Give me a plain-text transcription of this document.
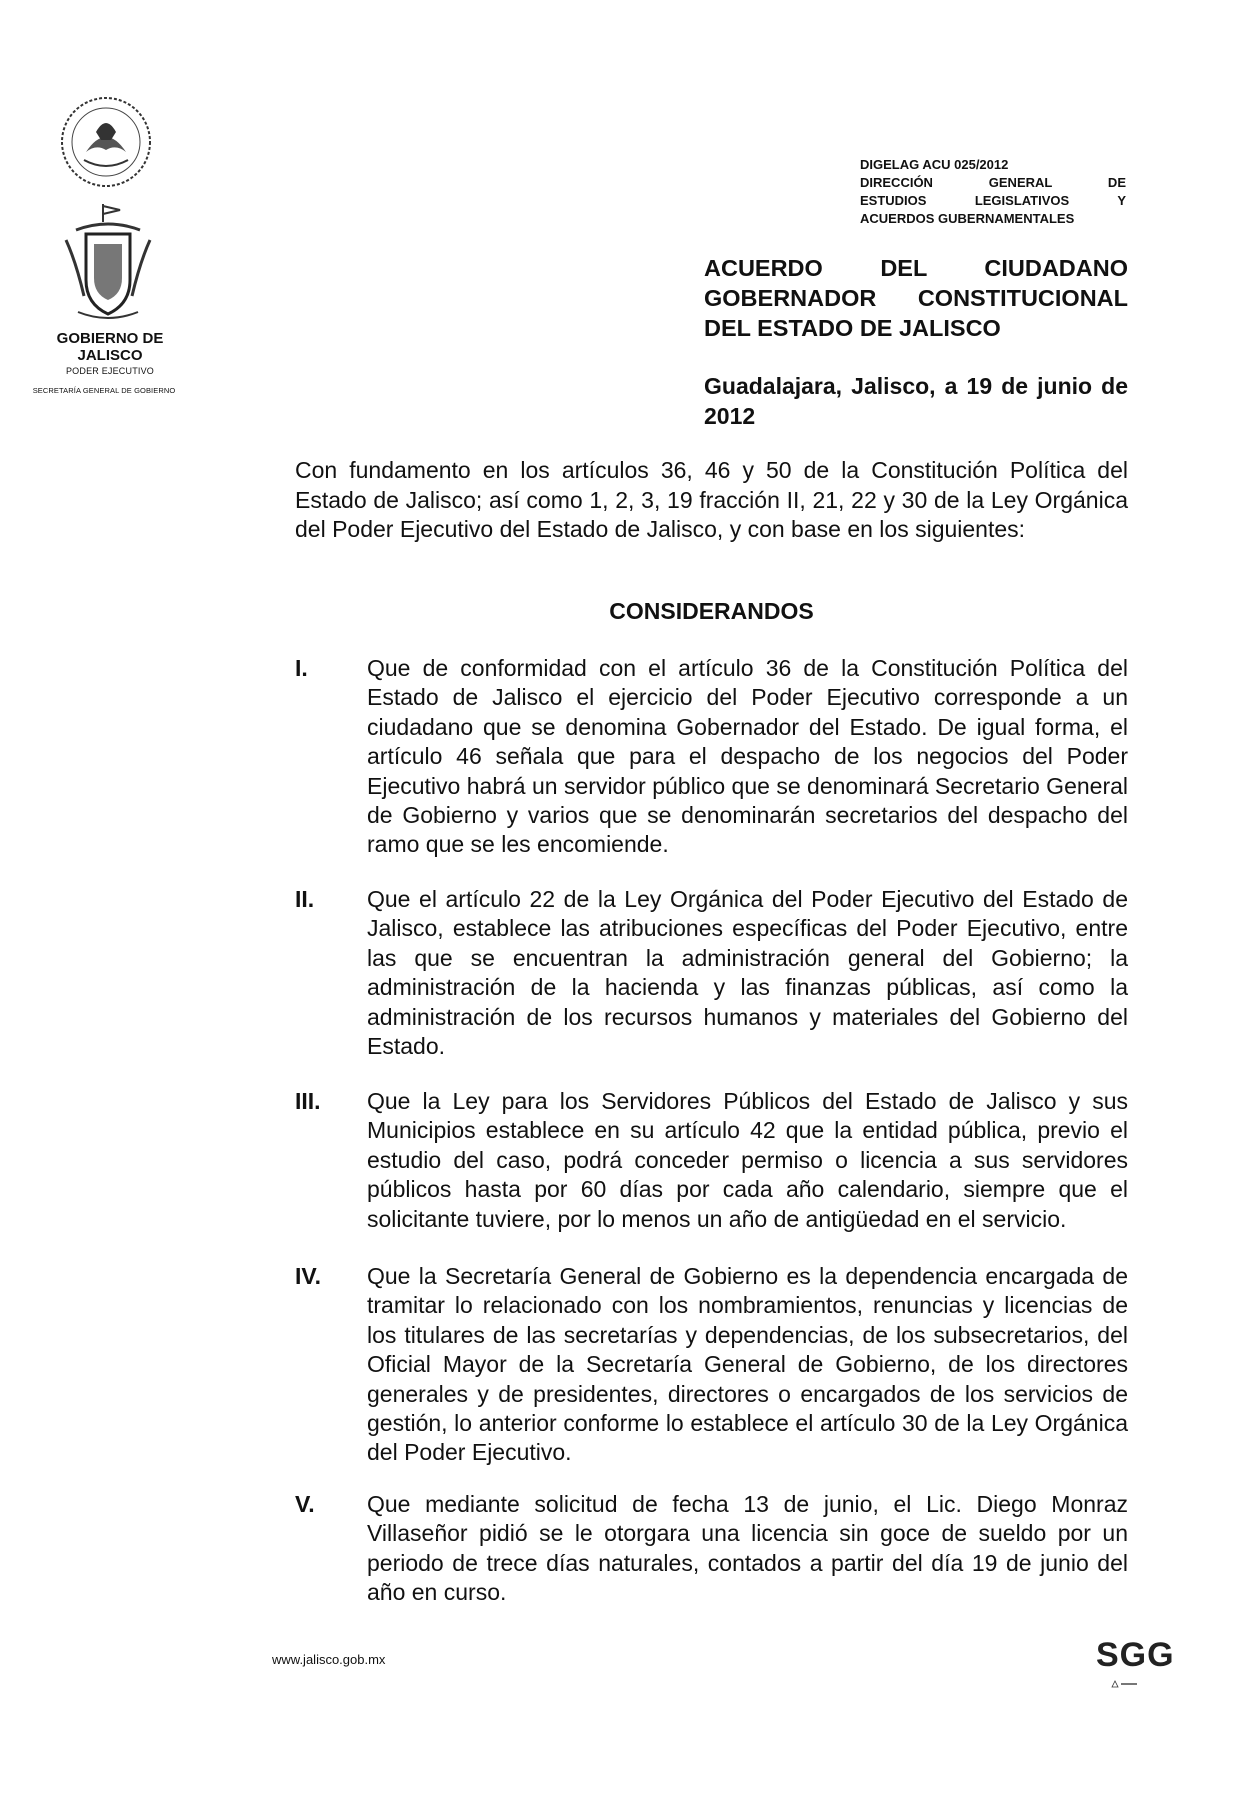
GOBIERNO DE JALISCO
PODER EJECUTIVO
SECRETARÍA GENERAL DE GOBIERNO
DIGELAG ACU 025/2012
DIRECCIÓN GENERAL DE
ESTUDIOS LEGISLATIVOS Y
ACUERDOS GUBERNAMENTALES
ACUERDO DEL CIUDADANO
GOBERNADOR CONSTITUCIONAL
DEL ESTADO DE JALISCO
Guadalajara, Jalisco, a 19 de junio de
2012
Con fundamento en los artículos 36, 46 y 50 de la Constitución Política del Estado de Jalisco; así como 1, 2, 3, 19 fracción II, 21, 22 y 30 de la Ley Orgánica del Poder Ejecutivo del Estado de Jalisco, y con base en los siguientes:
CONSIDERANDOS
I.	Que de conformidad con el artículo 36 de la Constitución Política del Estado de Jalisco el ejercicio del Poder Ejecutivo corresponde a un ciudadano que se denomina Gobernador del Estado. De igual forma, el artículo 46 señala que para el despacho de los negocios del Poder Ejecutivo habrá un servidor público que se denominará Secretario General de Gobierno y varios que se denominarán secretarios del despacho del ramo que se les encomiende.
II. Que el artículo 22 de la Ley Orgánica del Poder Ejecutivo del Estado de Jalisco, establece las atribuciones específicas del Poder Ejecutivo, entre las que se encuentran la administración general del Gobierno; la administración de la hacienda y las finanzas públicas, así como la administración de los recursos humanos y materiales del Gobierno del Estado.
III. Que la Ley para los Servidores Públicos del Estado de Jalisco y sus Municipios establece en su artículo 42 que la entidad pública, previo el estudio del caso, podrá conceder permiso o licencia a sus servidores públicos hasta por 60 días por cada año calendario, siempre que el solicitante tuviere, por lo menos un año de antigüedad en el servicio.
IV. Que la Secretaría General de Gobierno es la dependencia encargada de tramitar lo relacionado con los nombramientos, renuncias y licencias de los titulares de las secretarías y dependencias, de los subsecretarios, del Oficial Mayor de la Secretaría General de Gobierno, de los directores generales y de presidentes, directores o encargados de los servicios de gestión, lo anterior conforme lo establece el artículo 30 de la Ley Orgánica del Poder Ejecutivo.
V. Que mediante solicitud de fecha 13 de junio, el Lic. Diego Monraz Villaseñor pidió se le otorgara una licencia sin goce de sueldo por un periodo de trece días naturales, contados a partir del día 19 de junio del año en curso.
www.jalisco.gob.mx	SGG
